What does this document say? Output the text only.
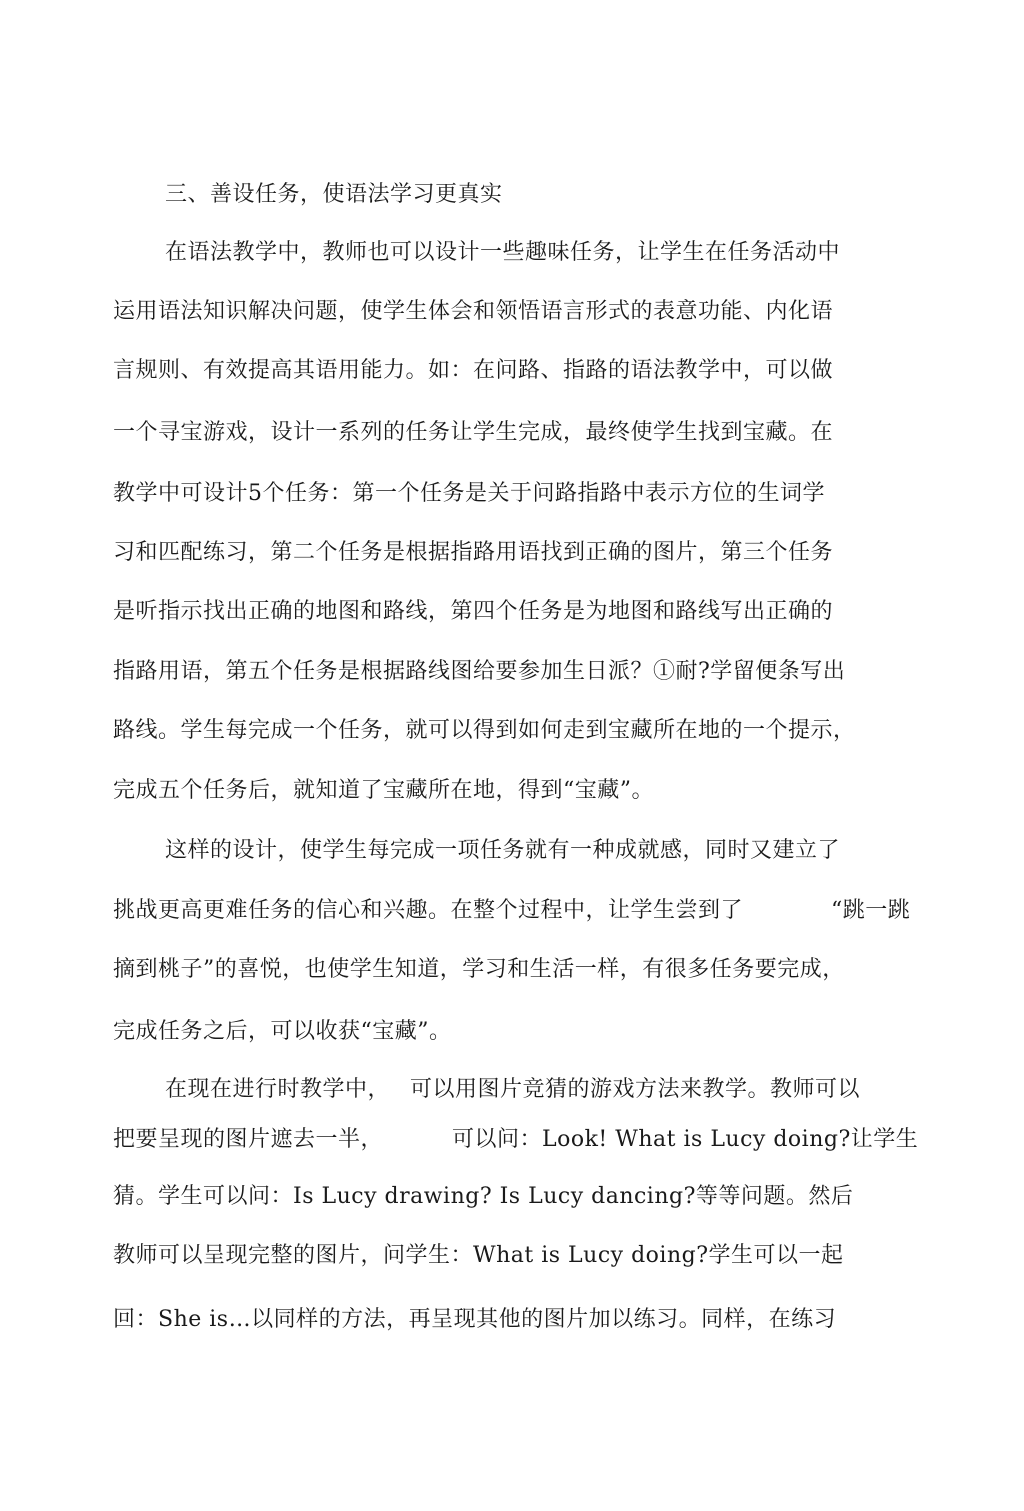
三、善设任务，使语法学习更真实
在语法教学中，教师也可以设计一些趣味任务，让学生在任务活动中
运用语法知识解决问题，使学生体会和领悟语言形式的表意功能、内化语
言规则、有效提高其语用能力。如：在问路、指路的语法教学中，可以做
一个寻宝游戏，设计一系列的任务让学生完成，最终使学生找到宝藏。在
教学中可设计5个任务：第一个任务是关于问路指路中表示方位的生词学
习和匹配练习，第二个任务是根据指路用语找到正确的图片，第三个任务
是听指示找出正确的地图和路线，第四个任务是为地图和路线写出正确的
指路用语，第五个任务是根据路线图给要参加生日派？①耐?学留便条写出
路线。学生每完成一个任务，就可以得到如何走到宝藏所在地的一个提示，
完成五个任务后，就知道了宝藏所在地，得到“宝藏”。
这样的设计，使学生每完成一项任务就有一种成就感，同时又建立了
挑战更高更难任务的信心和兴趣。在整个过程中，让学生尝到了	“跳一跳
摘到桃子”的喜悦，也使学生知道，学习和生活一样，有很多任务要完成，
完成任务之后，可以收获“宝藏”。
在现在进行时教学中， 可以用图片竞猜的游戏方法来教学。教师可以
把要呈现的图片遮去一半，	可以问：Look! What is Lucy doing?让学生
猜。学生可以问：Is Lucy drawing? Is Lucy dancing?等等问题。然后
教师可以呈现完整的图片，问学生：What is Lucy doing?学生可以一起
回：She is…以同样的方法，再呈现其他的图片加以练习。同样，在练习
